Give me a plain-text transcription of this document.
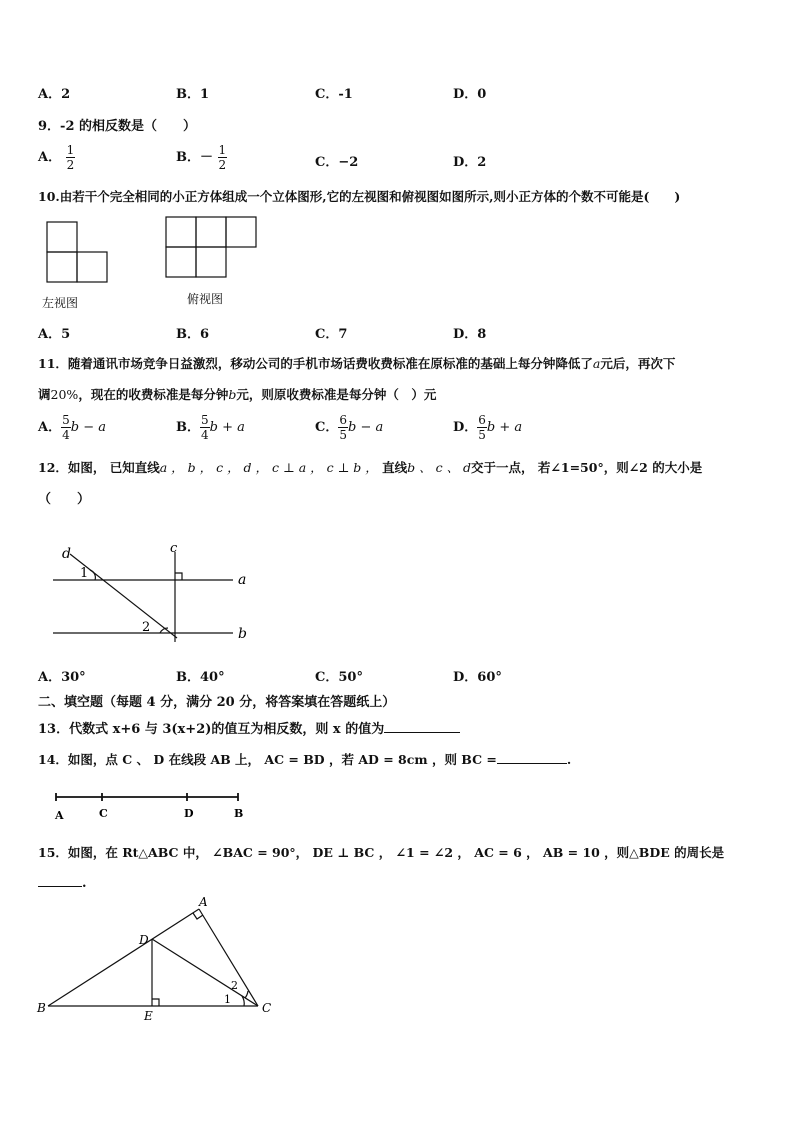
A．2	B．1	C．-1	D．0
9．-2 的相反数是（　　）
A． $\frac{1}{2}$	B．－ $\frac{1}{2}$	C．−2	D．2
10.由若干个完全相同的小正方体组成一个立体图形,它的左视图和俯视图如图所示,则小正方体的个数不可能是(　　)
左视图	俯视图
A．5	B．6	C．7	D．8
11．随着通讯市场竞争日益激烈，移动公司的手机市场话费收费标准在原标准的基础上每分钟降低了a元后，再次下
调20%，现在的收费标准是每分钟b元，则原收费标准是每分钟（　）元
A． $\frac{5}{4}$ b − a	B． $\frac{5}{4}$ b + a	C． $\frac{6}{5}$ b − a	D． $\frac{6}{5}$ b + a
12．如图， 已知直线a ， b ， c ， d ， c ⊥ a ， c ⊥ b ， 直线b 、 c 、 d交于一点， 若∠1=50°，则∠2 的大小是
（　　）
d	c
a
b
1
2
A．30°	B．40°	C．50°	D．60°
二、填空题（每题 4 分，满分 20 分，将答案填在答题纸上）
13．代数式 x+6 与 3(x+2)的值互为相反数，则 x 的值为
14．如图，点 C 、 D 在线段 AB 上， AC = BD ，若 AD = 8cm ，则 BC =	.
A	C	D	B
15．如图，在 Rt△ABC 中， ∠BAC = 90°， DE ⊥ BC ， ∠1 = ∠2 ， AC = 6 ， AB = 10 ，则△BDE 的周长是
.
A
B	C
D
E
1
2
